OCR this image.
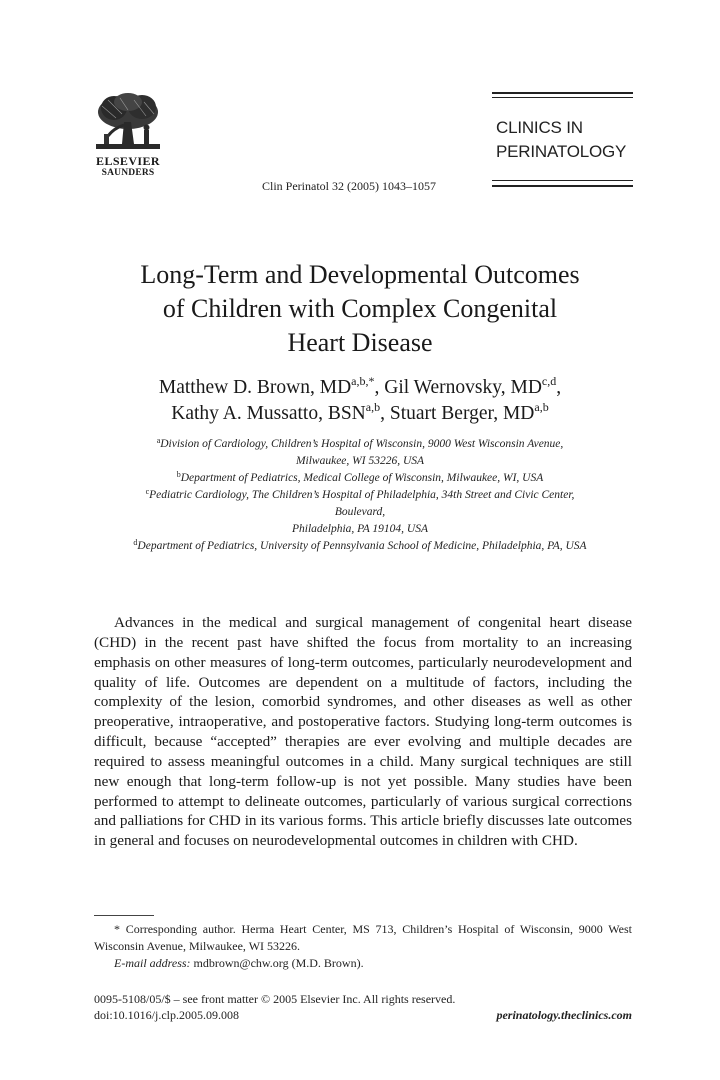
ELSEVIER
SAUNDERS
Clin Perinatol 32 (2005) 1043–1057
CLINICS IN
PERINATOLOGY
Long-Term and Developmental Outcomes
of Children with Complex Congenital
Heart Disease
Matthew D. Brown, $MD^{a,b,*}$, Gil Wernovsky, MD$^{c,d}$,
Kathy A. Mussatto, BSN$^{a,b}$, Stuart Berger, MD$^{a,b}$
$^a$Division of Cardiology, Children’s Hospital of Wisconsin, 9000 West Wisconsin Avenue,
Milwaukee, WI 53226, USA
$^b$Department of Pediatrics, Medical College of Wisconsin, Milwaukee, WI, USA
$^c$Pediatric Cardiology, The Children’s Hospital of Philadelphia, 34th Street and Civic Center,
Boulevard,
Philadelphia, PA 19104, USA
$^d$Department of Pediatrics, University of Pennsylvania School of Medicine, Philadelphia, PA, USA

Advances in the medical and surgical management of congenital heart disease (CHD) in the recent past have shifted the focus from mortality to an increasing emphasis on other measures of long-term outcomes, particularly neurodevelopment and quality of life. Outcomes are dependent on a multitude of factors, including the complexity of the lesion, comorbid syndromes, and other diseases as well as other preoperative, intraoperative, and postoperative factors. Studying long-term outcomes is difficult, because “accepted” therapies are ever evolving and multiple decades are required to assess meaningful outcomes in a child. Many surgical techniques are still new enough that long-term follow-up is not yet possible. Many studies have been performed to attempt to delineate outcomes, particularly of various surgical corrections and palliations for CHD in its various forms. This article briefly discusses late outcomes in general and focuses on neurodevelopmental outcomes in children with CHD.

* Corresponding author. Herma Heart Center, MS 713, Children’s Hospital of Wisconsin, 9000 West Wisconsin Avenue, Milwaukee, WI 53226.

E-mail address: mdbrown@chw.org (M.D. Brown).

0095-5108/05/$ – see front matter © 2005 Elsevier Inc. All rights reserved.
doi:10.1016/j.clp.2005.09.008	perinatology.theclinics.com
